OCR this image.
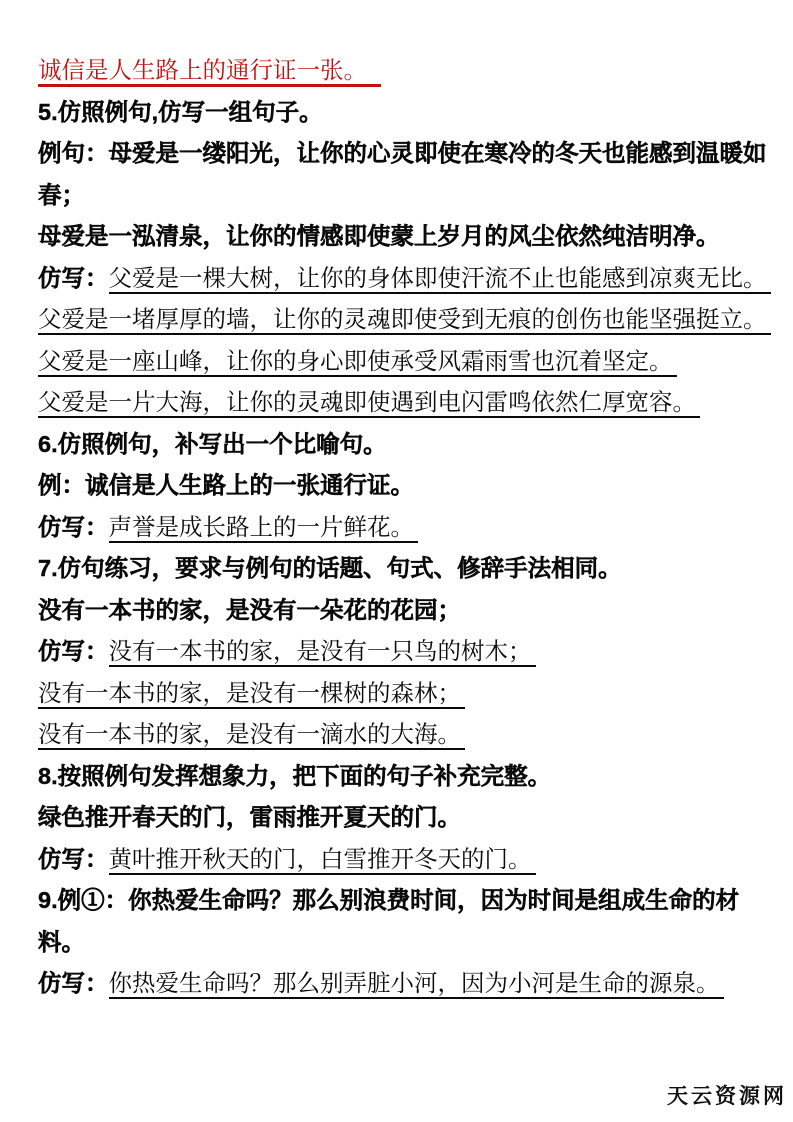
诚信是人生路上的通行证一张。

5.仿照例句,仿写一组句子。

例句：母爱是一缕阳光，让你的心灵即使在寒冷的冬天也能感到温暖如春；

母爱是一泓清泉，让你的情感即使蒙上岁月的风尘依然纯洁明净。

仿写：父爱是一棵大树，让你的身体即使汗流不止也能感到凉爽无比。

父爱是一堵厚厚的墙，让你的灵魂即使受到无痕的创伤也能坚强挺立。

父爱是一座山峰，让你的身心即使承受风霜雨雪也沉着坚定。

父爱是一片大海，让你的灵魂即使遇到电闪雷鸣依然仁厚宽容。

6.仿照例句，补写出一个比喻句。

例：诚信是人生路上的一张通行证。

仿写：声誉是成长路上的一片鲜花。

7.仿句练习，要求与例句的话题、句式、修辞手法相同。

没有一本书的家，是没有一朵花的花园；

仿写：没有一本书的家，是没有一只鸟的树木；

没有一本书的家，是没有一棵树的森林；

没有一本书的家，是没有一滴水的大海。

8.按照例句发挥想象力，把下面的句子补充完整。

绿色推开春天的门，雷雨推开夏天的门。

仿写：黄叶推开秋天的门，白雪推开冬天的门。

9.例①：你热爱生命吗？那么别浪费时间，因为时间是组成生命的材料。

仿写：你热爱生命吗？那么别弄脏小河，因为小河是生命的源泉。

天云资源网
